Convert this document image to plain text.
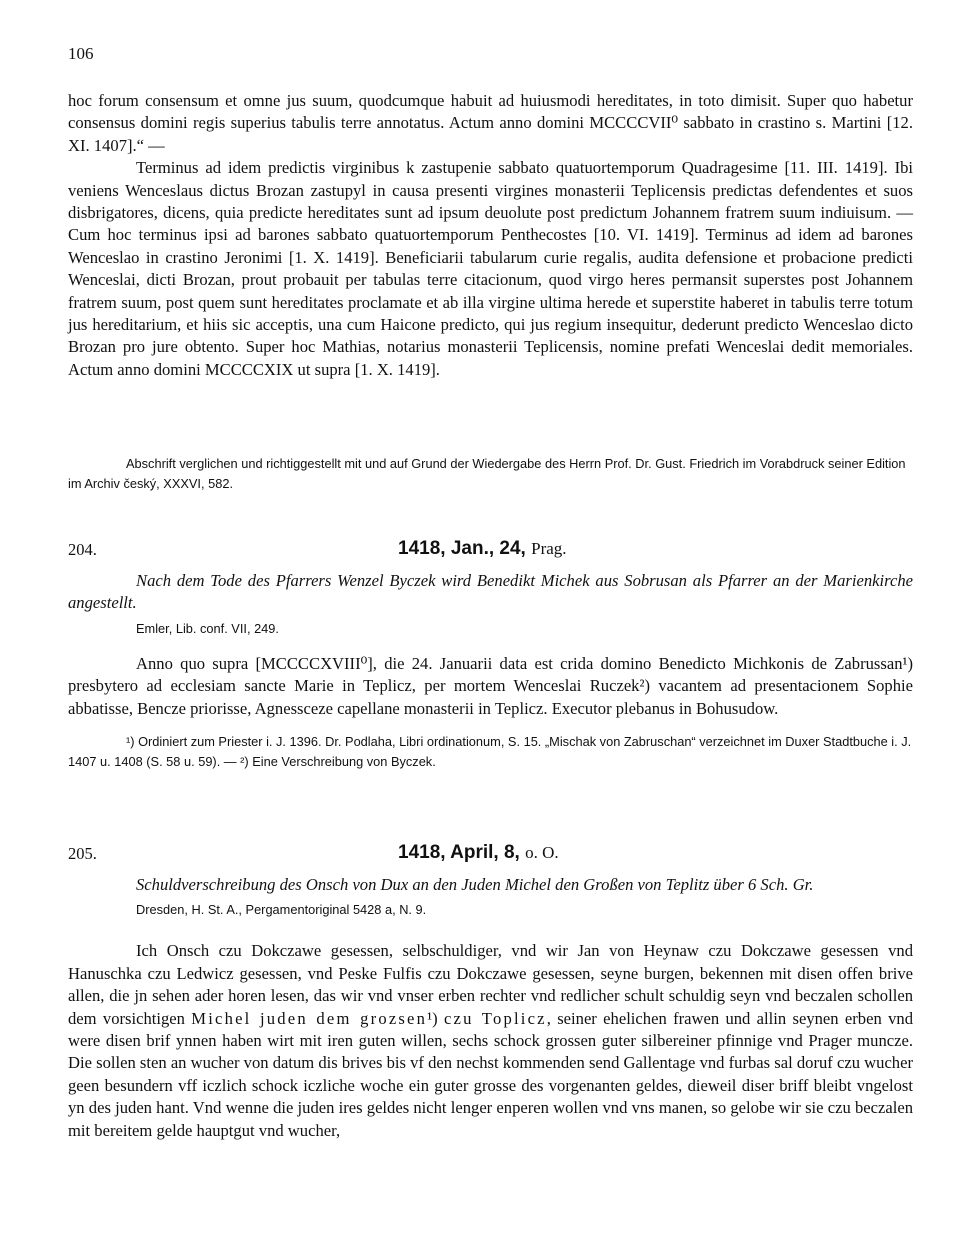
106

hoc forum consensum et omne jus suum, quodcumque habuit ad huiusmodi hereditates, in toto dimisit. Super quo habetur consensus domini regis superius tabulis terre annotatus. Actum anno domini MCCCCVII⁰ sabbato in crastino s. Martini [12. XI. 1407].“ —

Terminus ad idem predictis virginibus k zastupenie sabbato quatuortemporum Quadragesime [11. III. 1419]. Ibi veniens Wenceslaus dictus Brozan zastupyl in causa presenti virgines monasterii Teplicensis predictas defendentes et suos disbrigatores, dicens, quia predicte hereditates sunt ad ipsum deuolute post predictum Johannem fratrem suum indiuisum. — Cum hoc terminus ipsi ad barones sabbato quatuortemporum Penthecostes [10. VI. 1419]. Terminus ad idem ad barones Wenceslao in crastino Jeronimi [1. X. 1419]. Beneficiarii tabularum curie regalis, audita defensione et probacione predicti Wenceslai, dicti Brozan, prout probauit per tabulas terre citacionum, quod virgo heres permansit superstes post Johannem fratrem suum, post quem sunt hereditates proclamate et ab illa virgine ultima herede et superstite haberet in tabulis terre totum jus hereditarium, et hiis sic acceptis, una cum Haicone predicto, qui jus regium insequitur, dederunt predicto Wenceslao dicto Brozan pro jure obtento. Super hoc Mathias, notarius monasterii Teplicensis, nomine prefati Wenceslai dedit memoriales. Actum anno domini MCCCCXIX ut supra [1. X. 1419].

Abschrift verglichen und richtiggestellt mit und auf Grund der Wiedergabe des Herrn Prof. Dr. Gust. Friedrich im Vorabdruck seiner Edition im Archiv český, XXXVI, 582.

204.	1418, Jan., 24, Prag.

Nach dem Tode des Pfarrers Wenzel Byczek wird Benedikt Michek aus Sobrusan als Pfarrer an der Marienkirche angestellt.

Emler, Lib. conf. VII, 249.

Anno quo supra [MCCCCXVIII⁰], die 24. Januarii data est crida domino Benedicto Michkonis de Zabrussan¹) presbytero ad ecclesiam sancte Marie in Teplicz, per mortem Wenceslai Ruczek²) vacantem ad presentacionem Sophie abbatisse, Bencze priorisse, Agnessceze capellane monasterii in Teplicz. Executor plebanus in Bohusudow.

¹) Ordiniert zum Priester i. J. 1396. Dr. Podlaha, Libri ordinationum, S. 15. „Mischak von Zabruschan“ verzeichnet im Duxer Stadtbuche i. J. 1407 u. 1408 (S. 58 u. 59). — ²) Eine Verschreibung von Byczek.

205.	1418, April, 8, o. O.

Schuldverschreibung des Onsch von Dux an den Juden Michel den Großen von Teplitz über 6 Sch. Gr.

Dresden, H. St. A., Pergamentoriginal 5428 a, N. 9.

Ich Onsch czu Dokczawe gesessen, selbschuldiger, vnd wir Jan von Heynaw czu Dokczawe gesessen vnd Hanuschka czu Ledwicz gesessen, vnd Peske Fulfis czu Dokczawe gesessen, seyne burgen, bekennen mit disen offen brive allen, die jn sehen ader horen lesen, das wir vnd vnser erben rechter vnd redlicher schult schuldig seyn vnd beczalen schollen dem vorsichtigen Michel juden dem grozsen¹) czu Toplicz, seiner ehelichen frawen und allin seynen erben vnd were disen brif ynnen haben wirt mit iren guten willen, sechs schock grossen guter silbereiner pfinnige vnd Prager muncze. Die sollen sten an wucher von datum dis brives bis vf den nechst kommenden send Gallentage vnd furbas sal doruf czu wucher geen besundern vff iczlich schock iczliche woche ein guter grosse des vorgenanten geldes, dieweil diser briff bleibt vngelost yn des juden hant. Vnd wenne die juden ires geldes nicht lenger enperen wollen vnd vns manen, so gelobe wir sie czu beczalen mit bereitem gelde hauptgut vnd wucher,
